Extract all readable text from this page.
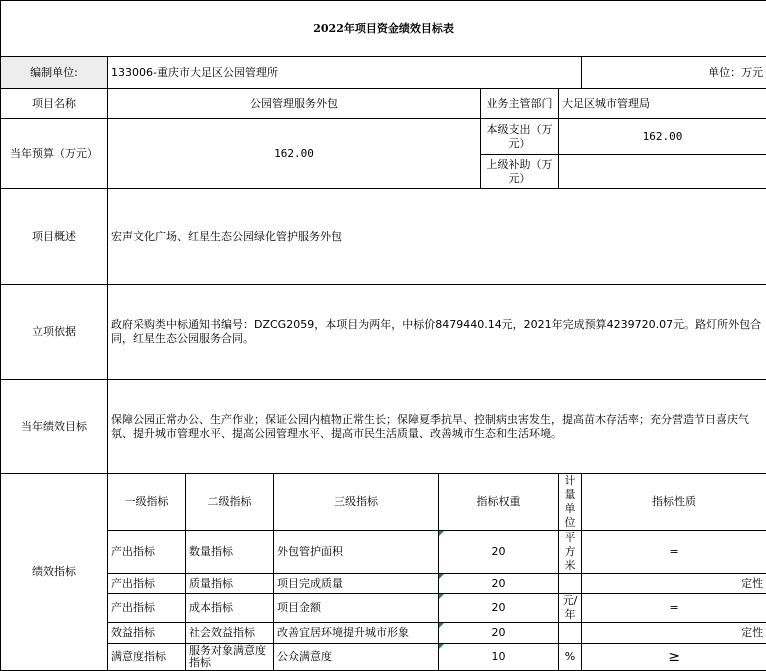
2022年项目资金绩效目标表								
编制单位:	133006-重庆市大足区公园管理所						单位：万元	
项目名称	公园管理服务外包				业务主管部门	大足区城市管理局		
当年预算（万元）	162.00				本级支出（万元）	162.00		
					上级补助（万元）			
项目概述	宏声文化广场、红星生态公园绿化管护服务外包							
立项依据	政府采购类中标通知书编号：DZCG2059，本项目为两年，中标价8479440.14元，2021年完成预算4239720.07元。路灯所外包合同，红星生态公园服务合同。							
当年绩效目标	保障公园正常办公、生产作业；保证公园内植物正常生长；保障夏季抗旱、控制病虫害发生，提高苗木存活率；充分营造节日喜庆气氛、提升城市管理水平、提高公园管理水平、提高市民生活质量、改善城市生态和生活环境。							
绩效指标	一级指标	二级指标	三级指标	指标权重		计量单位	指标性质	
	产出指标	数量指标	外包管护面积	20		平方米	=	
	产出指标	质量指标	项目完成质量	20			定性	
	产出指标	成本指标	项目金额	20		元/年	=	
	效益指标	社会效益指标	改善宜居环境提升城市形象	20			定性	
	满意度指标	服务对象满意度指标	公众满意度	10		%	≥	
